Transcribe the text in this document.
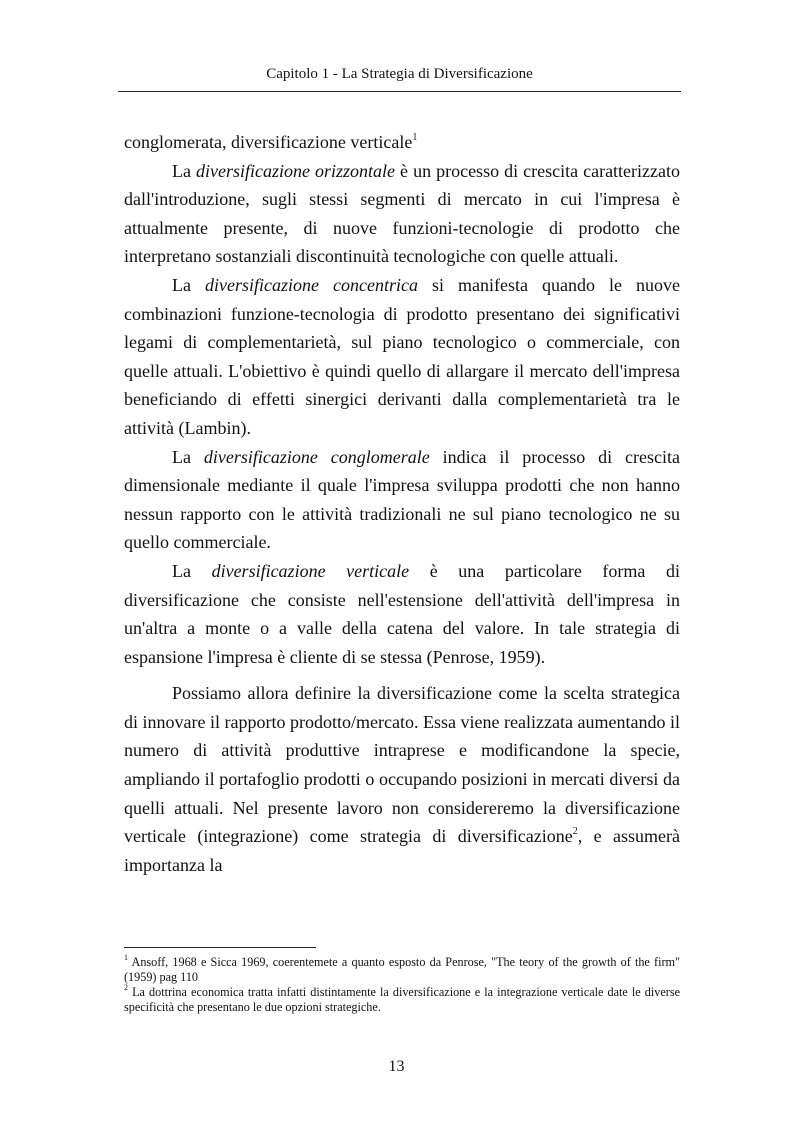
Capitolo 1 - La Strategia di Diversificazione

conglomerata, diversificazione verticale$^1$

La diversificazione orizzontale è un processo di crescita caratterizzato dall'introduzione, sugli stessi segmenti di mercato in cui l'impresa è attualmente presente, di nuove funzioni-tecnologie di prodotto che interpretano sostanziali discontinuità tecnologiche con quelle attuali.

La diversificazione concentrica si manifesta quando le nuove combinazioni funzione-tecnologia di prodotto presentano dei significativi legami di complementarietà, sul piano tecnologico o commerciale, con quelle attuali. L'obiettivo è quindi quello di allargare il mercato dell'impresa beneficiando di effetti sinergici derivanti dalla complementarietà tra le attività (Lambin).

La diversificazione conglomerale indica il processo di crescita dimensionale mediante il quale l'impresa sviluppa prodotti che non hanno nessun rapporto con le attività tradizionali ne sul piano tecnologico ne su quello commerciale.

La diversificazione verticale è una particolare forma di diversificazione che consiste nell'estensione dell'attività dell'impresa in un'altra a monte o a valle della catena del valore. In tale strategia di espansione l'impresa è cliente di se stessa (Penrose, 1959).

Possiamo allora definire la diversificazione come la scelta strategica di innovare il rapporto prodotto/mercato. Essa viene realizzata aumentando il numero di attività produttive intraprese e modificandone la specie, ampliando il portafoglio prodotti o occupando posizioni in mercati diversi da quelli attuali. Nel presente lavoro non considereremo la diversificazione verticale (integrazione) come strategia di diversificazione$^2$, e assumerà importanza la

$^1$ Ansoff, 1968 e Sicca 1969, coerentemete a quanto esposto da Penrose, "The teory of the growth of the firm" (1959) pag 110

$^2$ La dottrina economica tratta infatti distintamente la diversificazione e la integrazione verticale date le diverse specificità che presentano le due opzioni strategiche.

13
